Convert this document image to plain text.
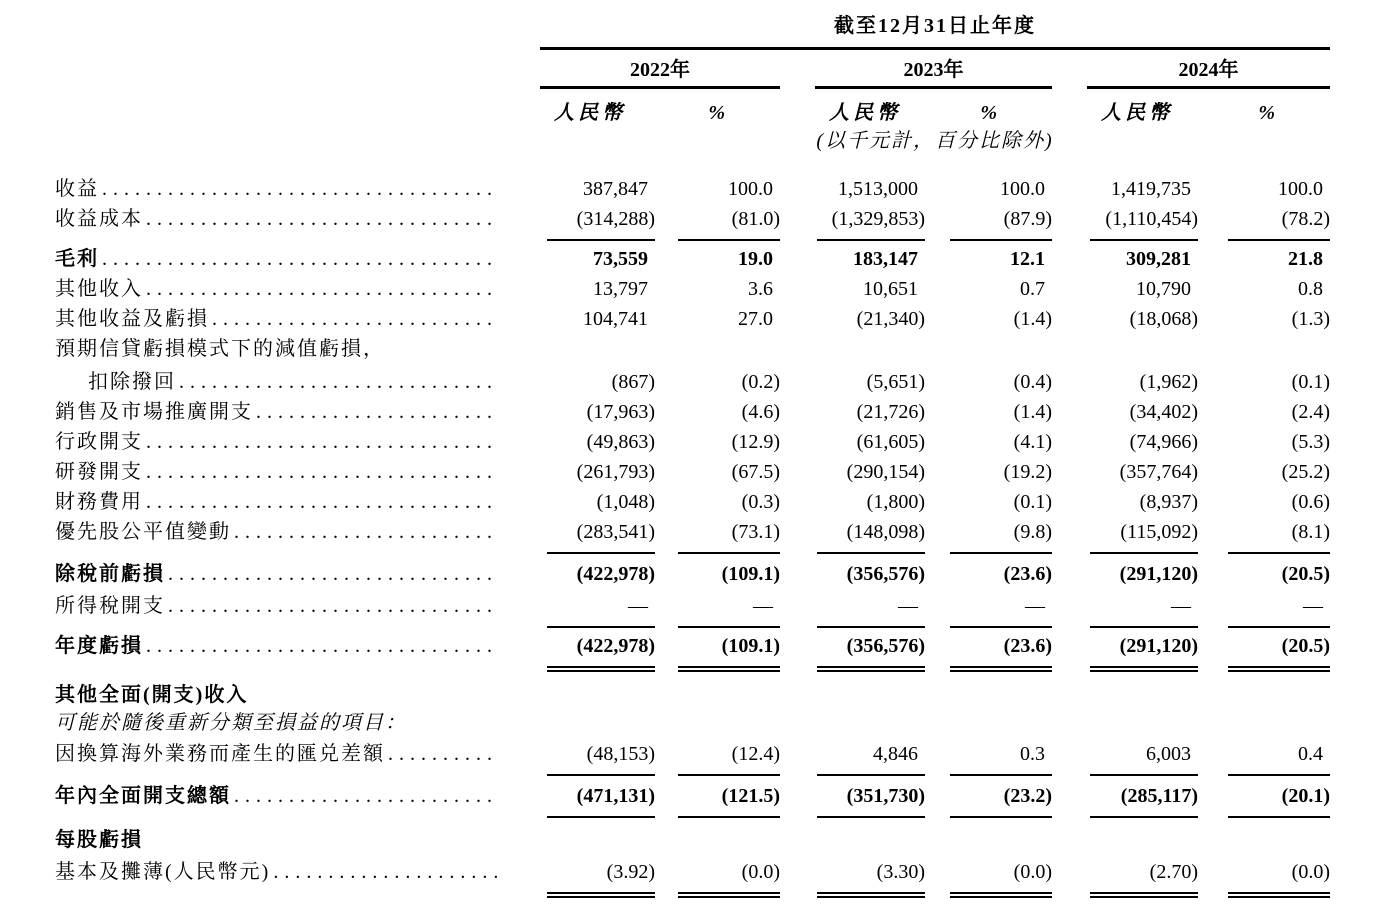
截至12月31日止年度
2022年	2023年	2024年
人民幣	%	人民幣	%	人民幣	%
(以千元計，百分比除外)
收益 .....	387,847	100.0	1,513,000	100.0	1,419,735	100.0
收益成本 .....	(314,288)	(81.0)	(1,329,853)	(87.9)	(1,110,454)	(78.2)
毛利 .....	73,559	19.0	183,147	12.1	309,281	21.8
其他收入 .....	13,797	3.6	10,651	0.7	10,790	0.8
其他收益及虧損 .....	104,741	27.0	(21,340)	(1.4)	(18,068)	(1.3)
預期信貸虧損模式下的減值虧損，
扣除撥回 .....	(867)	(0.2)	(5,651)	(0.4)	(1,962)	(0.1)
銷售及市場推廣開支 .....	(17,963)	(4.6)	(21,726)	(1.4)	(34,402)	(2.4)
行政開支 .....	(49,863)	(12.9)	(61,605)	(4.1)	(74,966)	(5.3)
研發開支 .....	(261,793)	(67.5)	(290,154)	(19.2)	(357,764)	(25.2)
財務費用 .....	(1,048)	(0.3)	(1,800)	(0.1)	(8,937)	(0.6)
優先股公平值變動 .....	(283,541)	(73.1)	(148,098)	(9.8)	(115,092)	(8.1)
除稅前虧損 .....	(422,978)	(109.1)	(356,576)	(23.6)	(291,120)	(20.5)
所得稅開支 .....	—	—	—	—	—	—
年度虧損 .....	(422,978)	(109.1)	(356,576)	(23.6)	(291,120)	(20.5)
其他全面(開支)收入
可能於隨後重新分類至損益的項目：
因換算海外業務而產生的匯兑差額 .....	(48,153)	(12.4)	4,846	0.3	6,003	0.4
年內全面開支總額 .....	(471,131)	(121.5)	(351,730)	(23.2)	(285,117)	(20.1)
每股虧損
基本及攤薄(人民幣元) .....	(3.92)	(0.0)	(3.30)	(0.0)	(2.70)	(0.0)
